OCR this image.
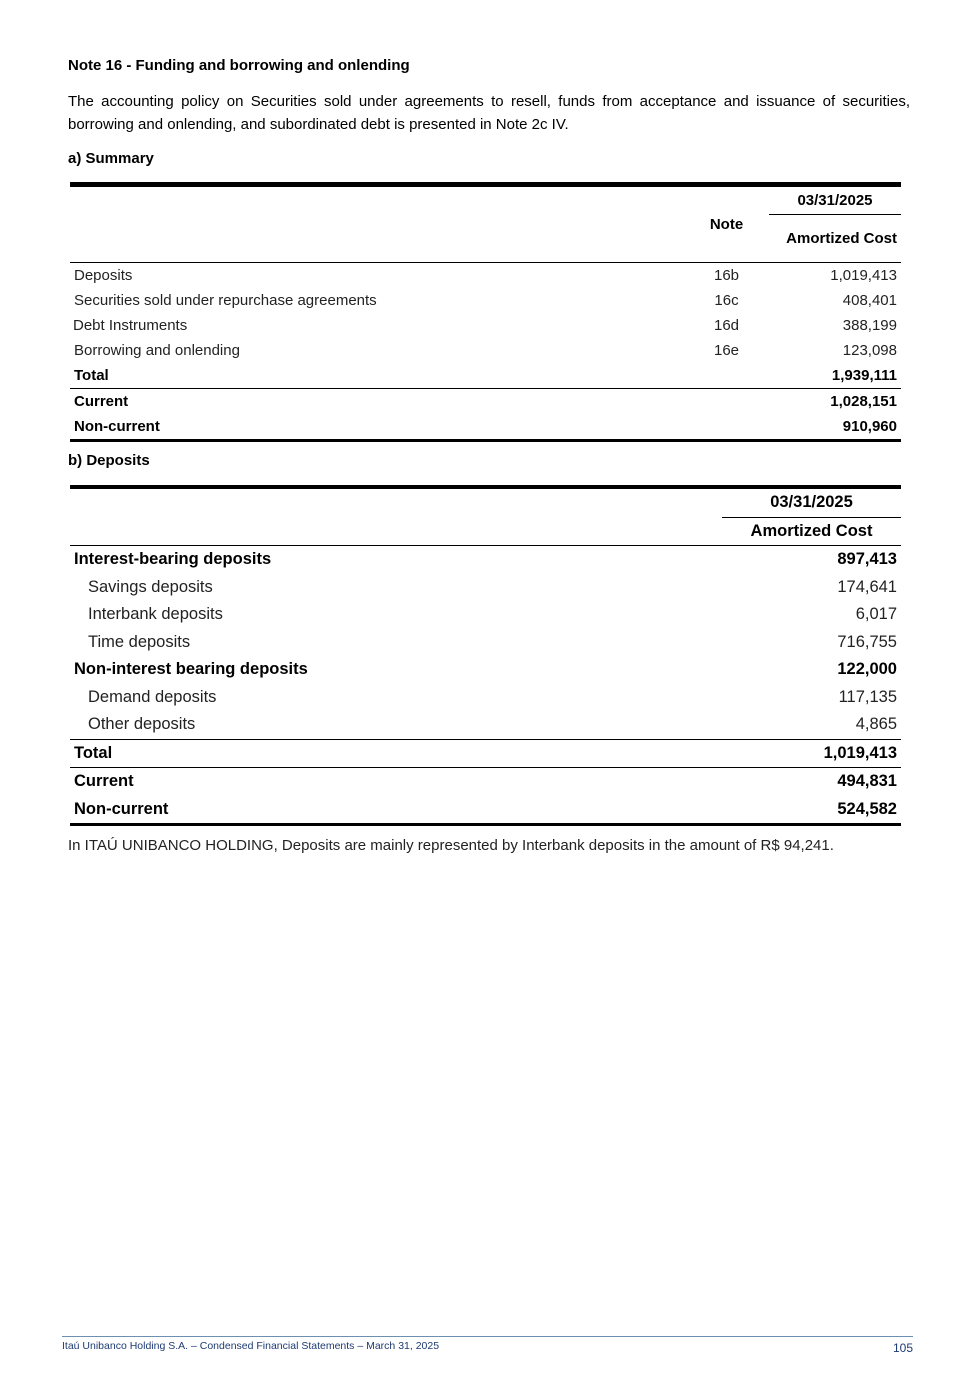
Note 16 - Funding and borrowing and onlending
The accounting policy on Securities sold under agreements to resell, funds from acceptance and issuance of securities, borrowing and onlending, and subordinated debt is presented in Note 2c IV.
a) Summary
	Note	03/31/2025
		Amortized Cost
Deposits	16b	1,019,413
Securities sold under repurchase agreements	16c	408,401
Debt Instruments	16d	388,199
Borrowing and onlending	16e	123,098
Total		1,939,111
Current		1,028,151
Non-current		910,960
b) Deposits
	03/31/2025
	Amortized Cost
Interest-bearing deposits	897,413
Savings deposits	174,641
Interbank deposits	6,017
Time deposits	716,755
Non-interest bearing deposits	122,000
Demand deposits	117,135
Other deposits	4,865
Total	1,019,413
Current	494,831
Non-current	524,582
In ITAÚ UNIBANCO HOLDING, Deposits are mainly represented by Interbank deposits in the amount of R$ 94,241.
Itaú Unibanco Holding S.A. – Condensed Financial Statements – March 31, 2025	105
